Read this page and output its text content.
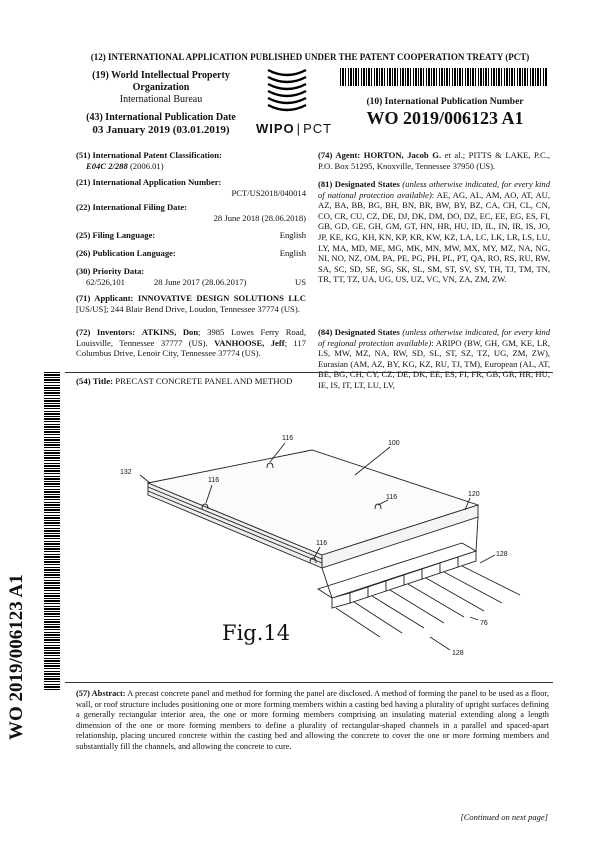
(12) INTERNATIONAL APPLICATION PUBLISHED UNDER THE PATENT COOPERATION TREATY (PCT)
(19) World Intellectual Property
Organization
International Bureau
(43) International Publication Date
03 January 2019 (03.01.2019)	WIPO | PCT
(10) International Publication Number
WO 2019/006123 A1
(51) International Patent Classification:
E04C 2/288 (2006.01)
(21) International Application Number:
PCT/US2018/040014
(22) International Filing Date:
28 June 2018 (28.06.2018)
(25) Filing Language:	English
(26) Publication Language:	English
(30) Priority Data:
62/526,101	28 June 2017 (28.06.2017)	US
(71) Applicant: INNOVATIVE DESIGN SOLUTIONS LLC [US/US]; 244 Blair Bend Drive, Loudon, Tennessee 37774 (US).
(72) Inventors: ATKINS, Don; 3985 Lowes Ferry Road, Louisville, Tennessee 37777 (US). VANHOOSE, Jeff; 117 Columbus Drive, Lenoir City, Tennessee 37774 (US).
(74) Agent: HORTON, Jacob G. et al.; PITTS & LAKE, P.C., P.O. Box 51295, Knoxville, Tennessee 37950 (US).
(81) Designated States (unless otherwise indicated, for every kind of national protection available): AE, AG, AL, AM, AO, AT, AU, AZ, BA, BB, BG, BH, BN, BR, BW, BY, BZ, CA, CH, CL, CN, CO, CR, CU, CZ, DE, DJ, DK, DM, DO, DZ, EC, EE, EG, ES, FI, GB, GD, GE, GH, GM, GT, HN, HR, HU, ID, IL, IN, IR, IS, JO, JP, KE, KG, KH, KN, KP, KR, KW, KZ, LA, LC, LK, LR, LS, LU, LY, MA, MD, ME, MG, MK, MN, MW, MX, MY, MZ, NA, NG, NI, NO, NZ, OM, PA, PE, PG, PH, PL, PT, QA, RO, RS, RU, RW, SA, SC, SD, SE, SG, SK, SL, SM, ST, SV, SY, TH, TJ, TM, TN, TR, TT, TZ, UA, UG, US, UZ, VC, VN, ZA, ZM, ZW.
(84) Designated States (unless otherwise indicated, for every kind of regional protection available): ARIPO (BW, GH, GM, KE, LR, LS, MW, MZ, NA, RW, SD, SL, ST, SZ, TZ, UG, ZM, ZW), Eurasian (AM, AZ, BY, KG, KZ, RU, TJ, TM), European (AL, AT, BE, BG, CH, CY, CZ, DE, DK, EE, ES, FI, FR, GB, GR, HR, HU, IE, IS, IT, LT, LU, LV,
WO 2019/006123 A1
(54) Title: PRECAST CONCRETE PANEL AND METHOD
116
100
132
116
116	120
116
128
76
128
Fig.14
(57) Abstract: A precast concrete panel and method for forming the panel are disclosed. A method of forming the panel to be used as a floor, wall, or roof structure includes positioning one or more forming members within a casting bed having a plurality of upright surfaces defining a generally rectangular interior area, the one or more forming members comprising an insulating material extending along a length dimension of the one or more forming members to define a plurality of rectangular-shaped channels in a parallel and spaced-apart relationship, placing uncured concrete within the casting bed and allowing the concrete to cover the one or more forming members and substantially fill the channels, and allowing the concrete to cure.
[Continued on next page]
